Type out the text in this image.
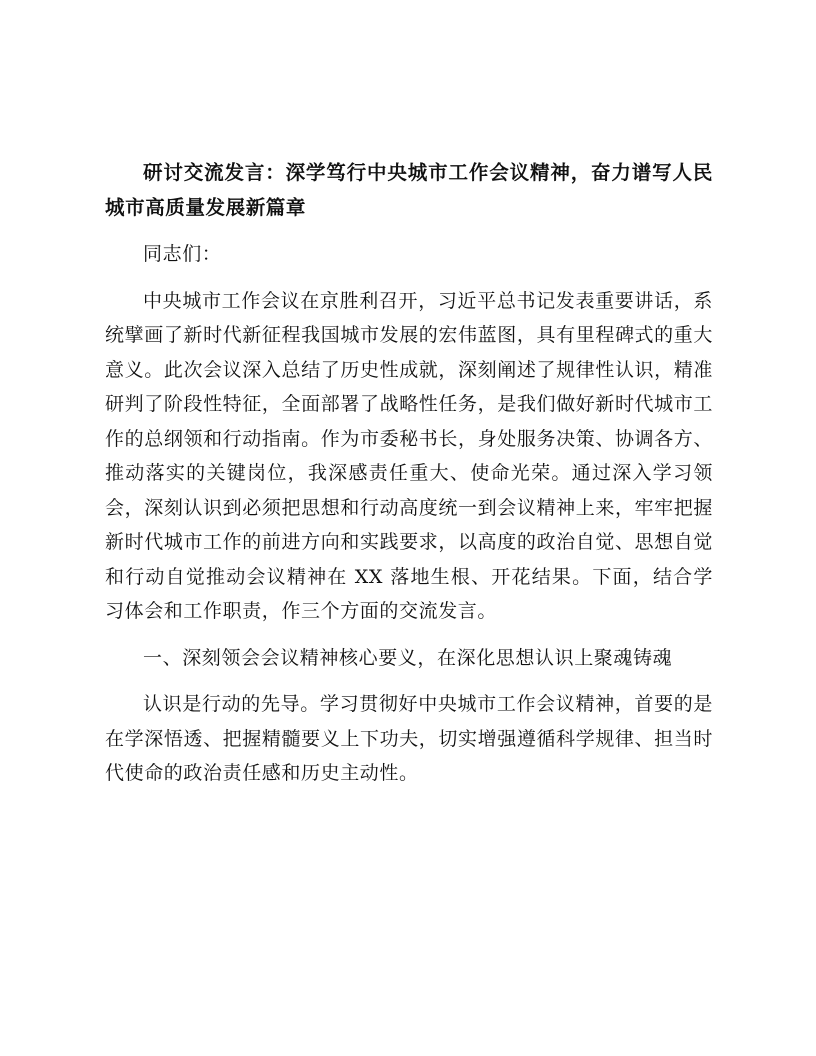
研讨交流发言：深学笃行中央城市工作会议精神，奋力谱写人民城市高质量发展新篇章

同志们：

中央城市工作会议在京胜利召开，习近平总书记发表重要讲话，系统擘画了新时代新征程我国城市发展的宏伟蓝图，具有里程碑式的重大意义。此次会议深入总结了历史性成就，深刻阐述了规律性认识，精准研判了阶段性特征，全面部署了战略性任务，是我们做好新时代城市工作的总纲领和行动指南。作为市委秘书长，身处服务决策、协调各方、推动落实的关键岗位，我深感责任重大、使命光荣。通过深入学习领会，深刻认识到必须把思想和行动高度统一到会议精神上来，牢牢把握新时代城市工作的前进方向和实践要求，以高度的政治自觉、思想自觉和行动自觉推动会议精神在 XX 落地生根、开花结果。下面，结合学习体会和工作职责，作三个方面的交流发言。

一、深刻领会会议精神核心要义，在深化思想认识上聚魂铸魂

认识是行动的先导。学习贯彻好中央城市工作会议精神，首要的是在学深悟透、把握精髓要义上下功夫，切实增强遵循科学规律、担当时代使命的政治责任感和历史主动性。
